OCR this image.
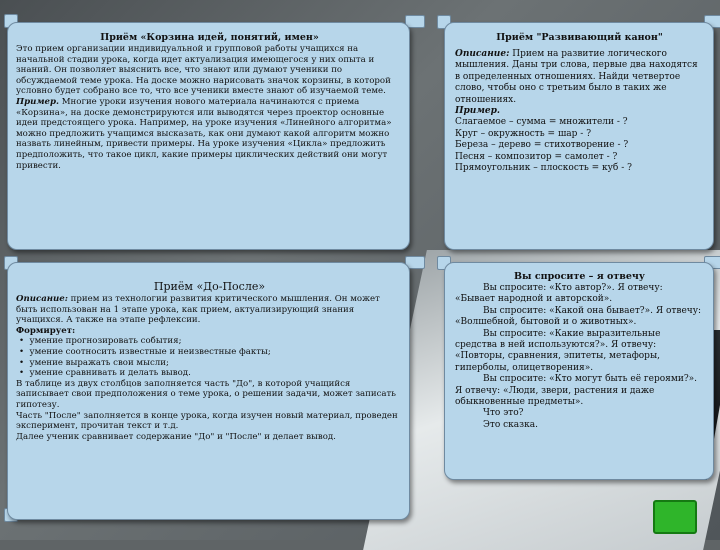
Приём «Корзина идей, понятий, имен»

Это прием организации индивидуальной и групповой работы учащихся на начальной стадии урока, когда идет актуализация имеющегося у них опыта и знаний. Он позволяет выяснить все, что знают или думают ученики по обсуждаемой теме урока. На доске можно нарисовать значок корзины, в которой условно будет собрано все то, что все ученики вместе знают об изучаемой теме.

Пример. Многие уроки изучения нового материала начинаются с приема «Корзина», на доске демонстрируются или выводятся через проектор основные идеи предстоящего урока. Например, на уроке изучения «Линейного алгоритма» можно предложить учащимся высказать, как они думают какой алгоритм можно назвать линейным, привести примеры. На уроке изучения «Цикла» предложить предположить, что такое цикл, какие примеры циклических действий они могут привести.

Приём "Развивающий канон"

Описание: Прием на развитие логического мышления. Даны три слова, первые два находятся в определенных отношениях. Найди четвертое слово, чтобы оно с третьим было в таких же отношениях.

Пример.

Слагаемое – сумма = множители - ?

Круг – окружность = шар - ?

Береза – дерево = стихотворение - ?

Песня – композитор = самолет - ?

Прямоугольник – плоскость = куб - ?

Приём «До-После»

Описание: прием из технологии развития критического мышления. Он может быть использован на 1 этапе урока, как прием, актуализирующий знания учащихся. А также на этапе рефлексии.

Формирует:

•  умение прогнозировать события;

•  умение соотносить известные и неизвестные факты;

•  умение выражать свои мысли;

•  умение сравнивать и делать вывод.

В таблице из двух столбцов заполняется часть "До", в которой учащийся записывает свои предположения о теме урока, о решении задачи, может записать гипотезу.

Часть "После" заполняется в конце урока, когда изучен новый материал, проведен эксперимент, прочитан текст и т.д.

Далее ученик сравнивает содержание "До" и "После" и делает вывод.

Вы спросите – я отвечу

Вы спросите: «Кто автор?». Я отвечу: «Бывает народной и авторской».

Вы спросите: «Какой она бывает?». Я отвечу: «Волшебной, бытовой и о животных».

Вы спросите: «Какие выразительные средства в ней используются?». Я отвечу: «Повторы, сравнения, эпитеты, метафоры, гиперболы, олицетворения».

Вы спросите: «Кто могут быть её героями?». Я отвечу: «Люди, звери, растения и даже обыкновенные предметы».

Что это?

Это сказка.
